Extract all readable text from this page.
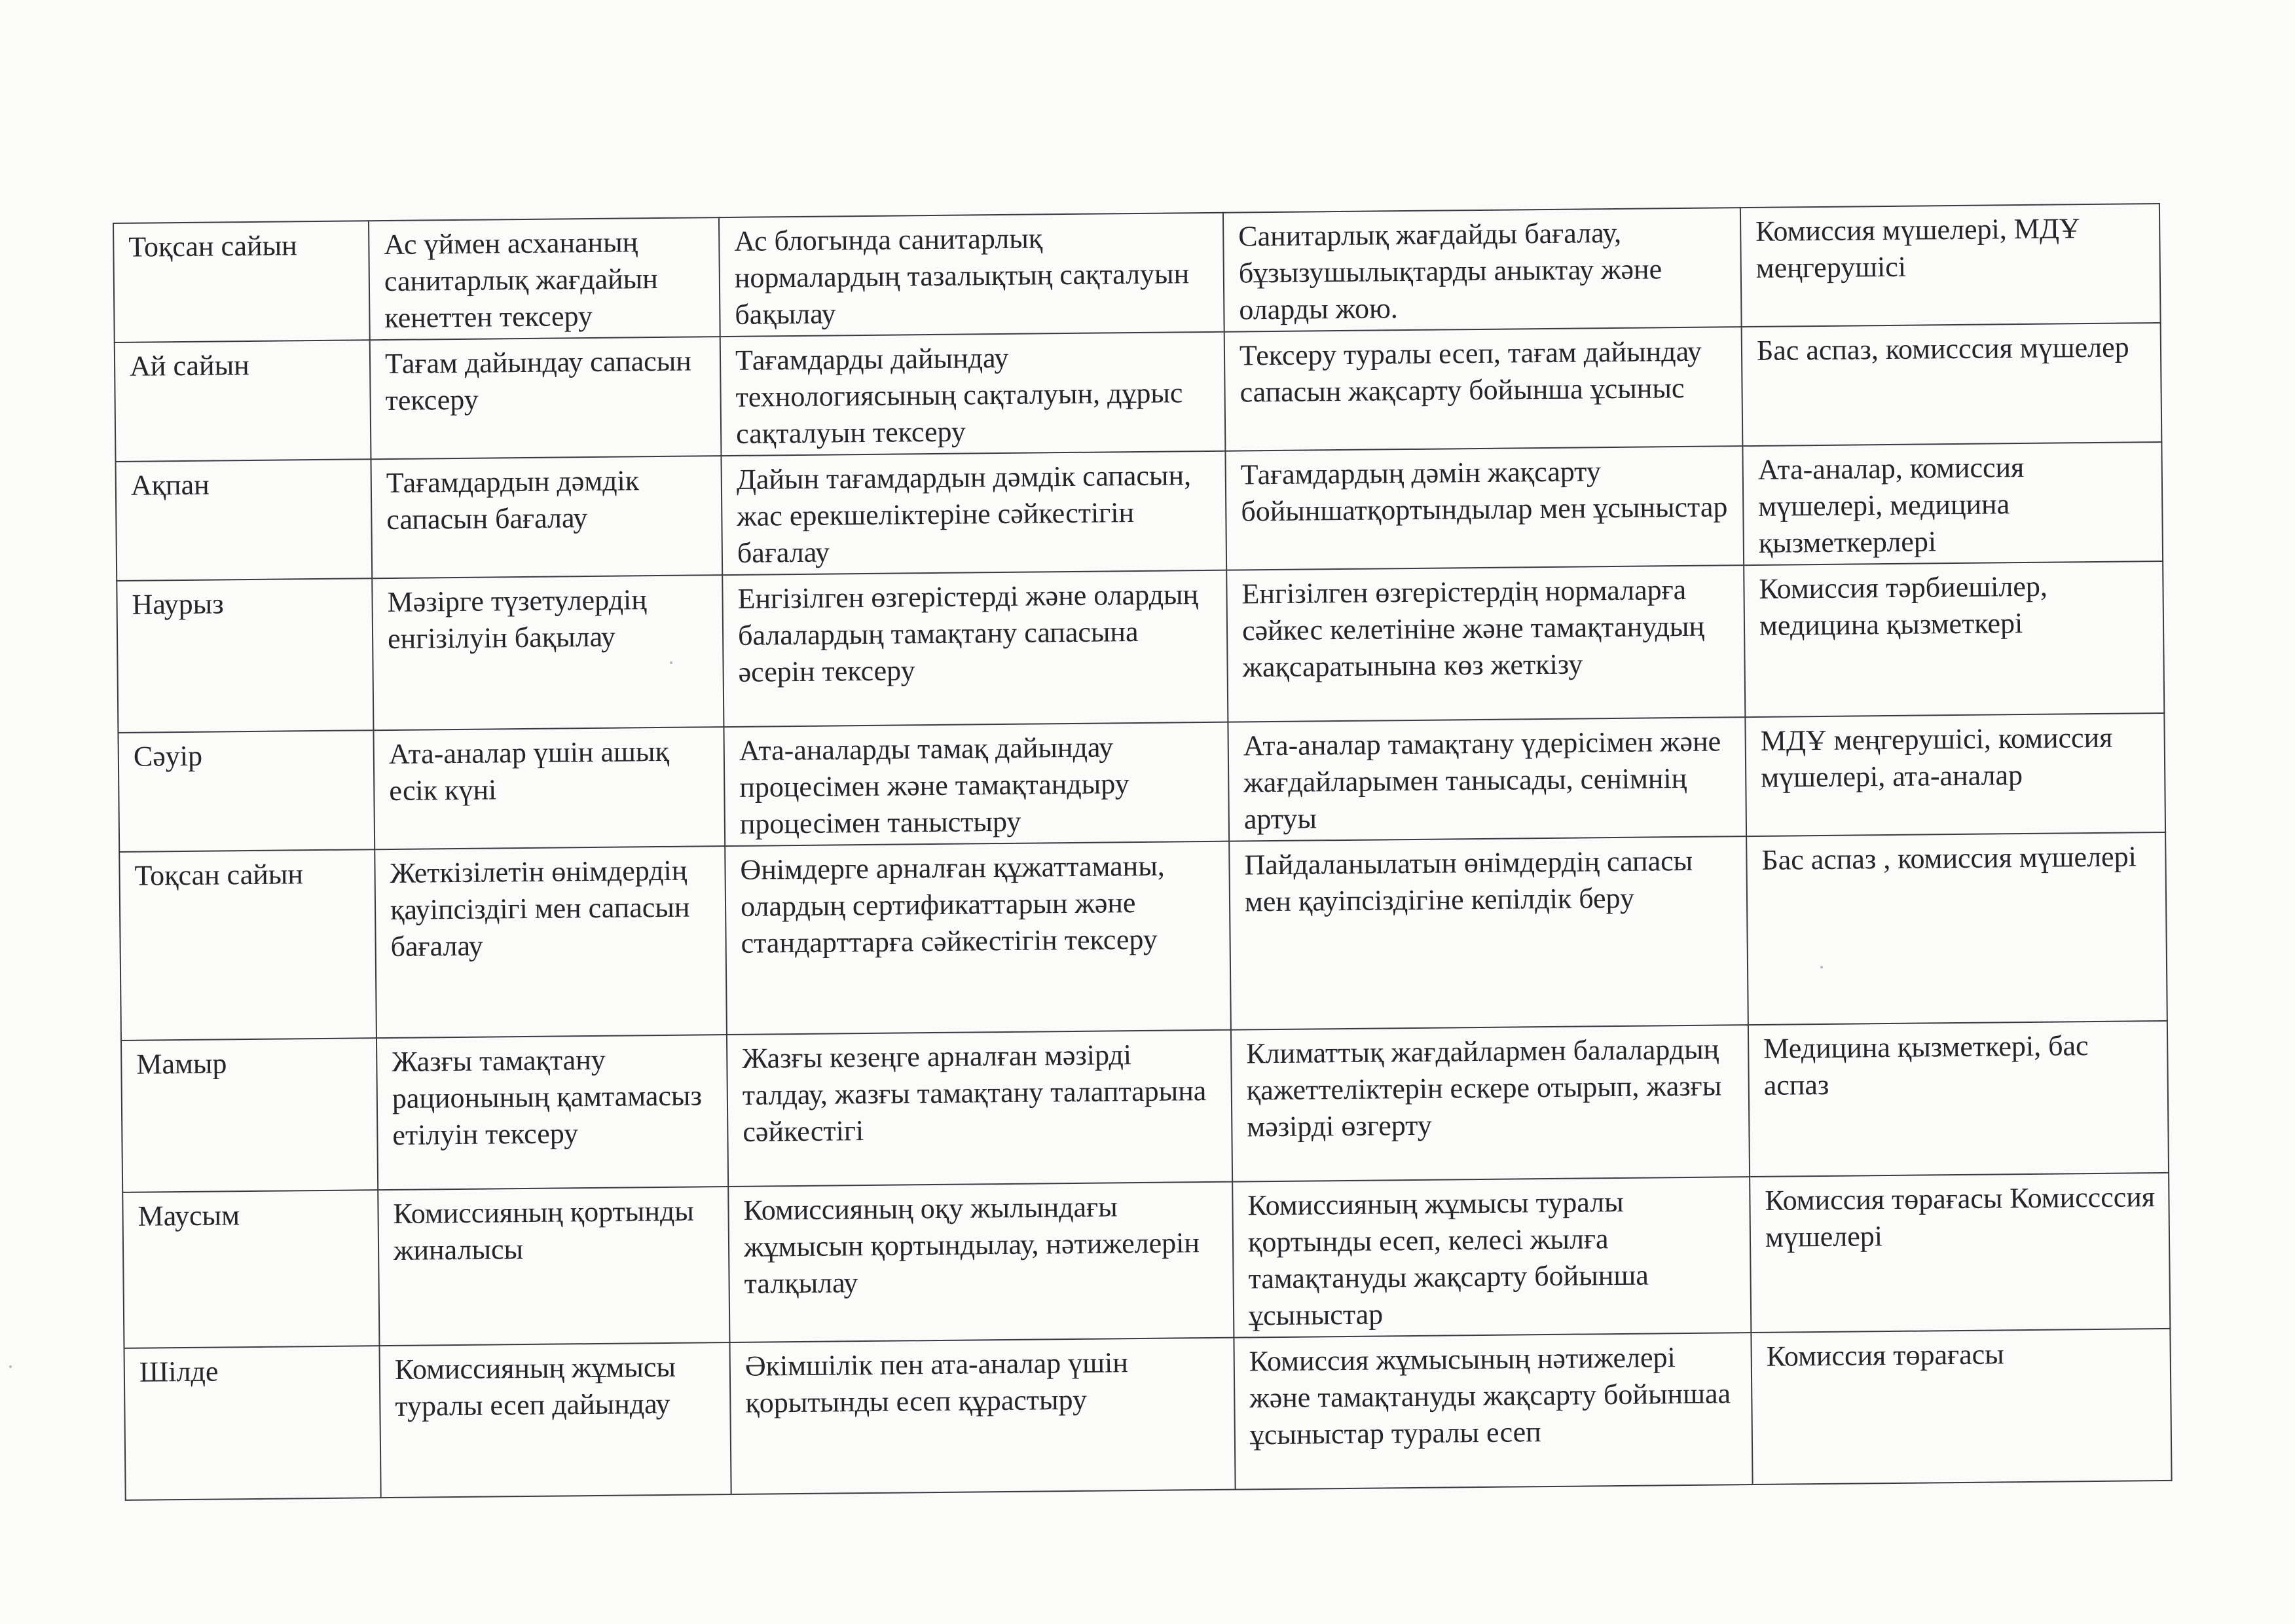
Тоқсан сайын	Ас үймен асхананың санитарлық жағдайын кенеттен тексеру	Ас блогында санитарлық нормалардың тазалықтың сақталуын бақылау	Санитарлық жағдайды бағалау, бұзызушылықтарды аныктау және оларды жою.	Комиссия мүшелері, МДҰ меңгерушісі
Ай сайын	Тағам дайындау сапасын тексеру	Тағамдарды дайындау технологиясының сақталуын, дұрыс сақталуын тексеру	Тексеру туралы есеп, тағам дайындау сапасын жақсарту бойынша ұсыныс	Бас аспаз, комисссия мүшелер
Ақпан	Тағамдардын дәмдік сапасын бағалау	Дайын тағамдардын дәмдік сапасын, жас ерекшеліктеріне сәйкестігін бағалау	Тағамдардың дәмін жақсарту бойыншатқортындылар мен ұсыныстар	Ата-аналар, комиссия мүшелері, медицина қызметкерлері
Наурыз	Мәзірге түзетулердің енгізілуін бақылау	Енгізілген өзгерістерді және олардың балалардың тамақтану сапасына әсерін тексеру	Енгізілген өзгерістердің нормаларға сәйкес келетініне және тамақтанудың жақсаратынына көз жеткізу	Комиссия тәрбиешілер, медицина қызметкері
Сәуір	Ата-аналар үшін ашық есік күні	Ата-аналарды тамақ дайындау процесімен және тамақтандыру процесімен таныстыру	Ата-аналар тамақтану үдерісімен және жағдайларымен танысады, сенімнің артуы	МДҰ меңгерушісі, комиссия мүшелері, ата-аналар
Тоқсан сайын	Жеткізілетін өнімдердің қауіпсіздігі мен сапасын бағалау	Өнімдерге арналған құжаттаманы, олардың сертификаттарын және стандарттарға сәйкестігін тексеру	Пайдаланылатын өнімдердің сапасы мен қауіпсіздігіне кепілдік беру	Бас аспаз , комиссия мүшелері
Мамыр	Жазғы тамақтану рационының қамтамасыз етілуін тексеру	Жазғы кезеңге арналған мәзірді талдау, жазғы тамақтану талаптарына сәйкестігі	Климаттық жағдайлармен балалардың қажеттеліктерін ескере отырып, жазғы мәзірді өзгерту	Медицина қызметкері, бас аспаз
Маусым	Комиссияның қортынды жиналысы	Комиссияның оқу жылындағы жұмысын қортындылау, нәтижелерін талқылау	Комиссияның жұмысы туралы қортынды есеп, келесі жылға тамақтануды жақсарту бойынша ұсыныстар	Комиссия төрағасы Комиссссия мүшелері
Шілде	Комиссияның жұмысы туралы есеп дайындау	Әкімшілік пен ата-аналар үшін қорытынды есеп құрастыру	Комиссия жұмысының нәтижелері және тамақтануды жақсарту бойыншаа ұсыныстар туралы есеп	Комиссия төрағасы
